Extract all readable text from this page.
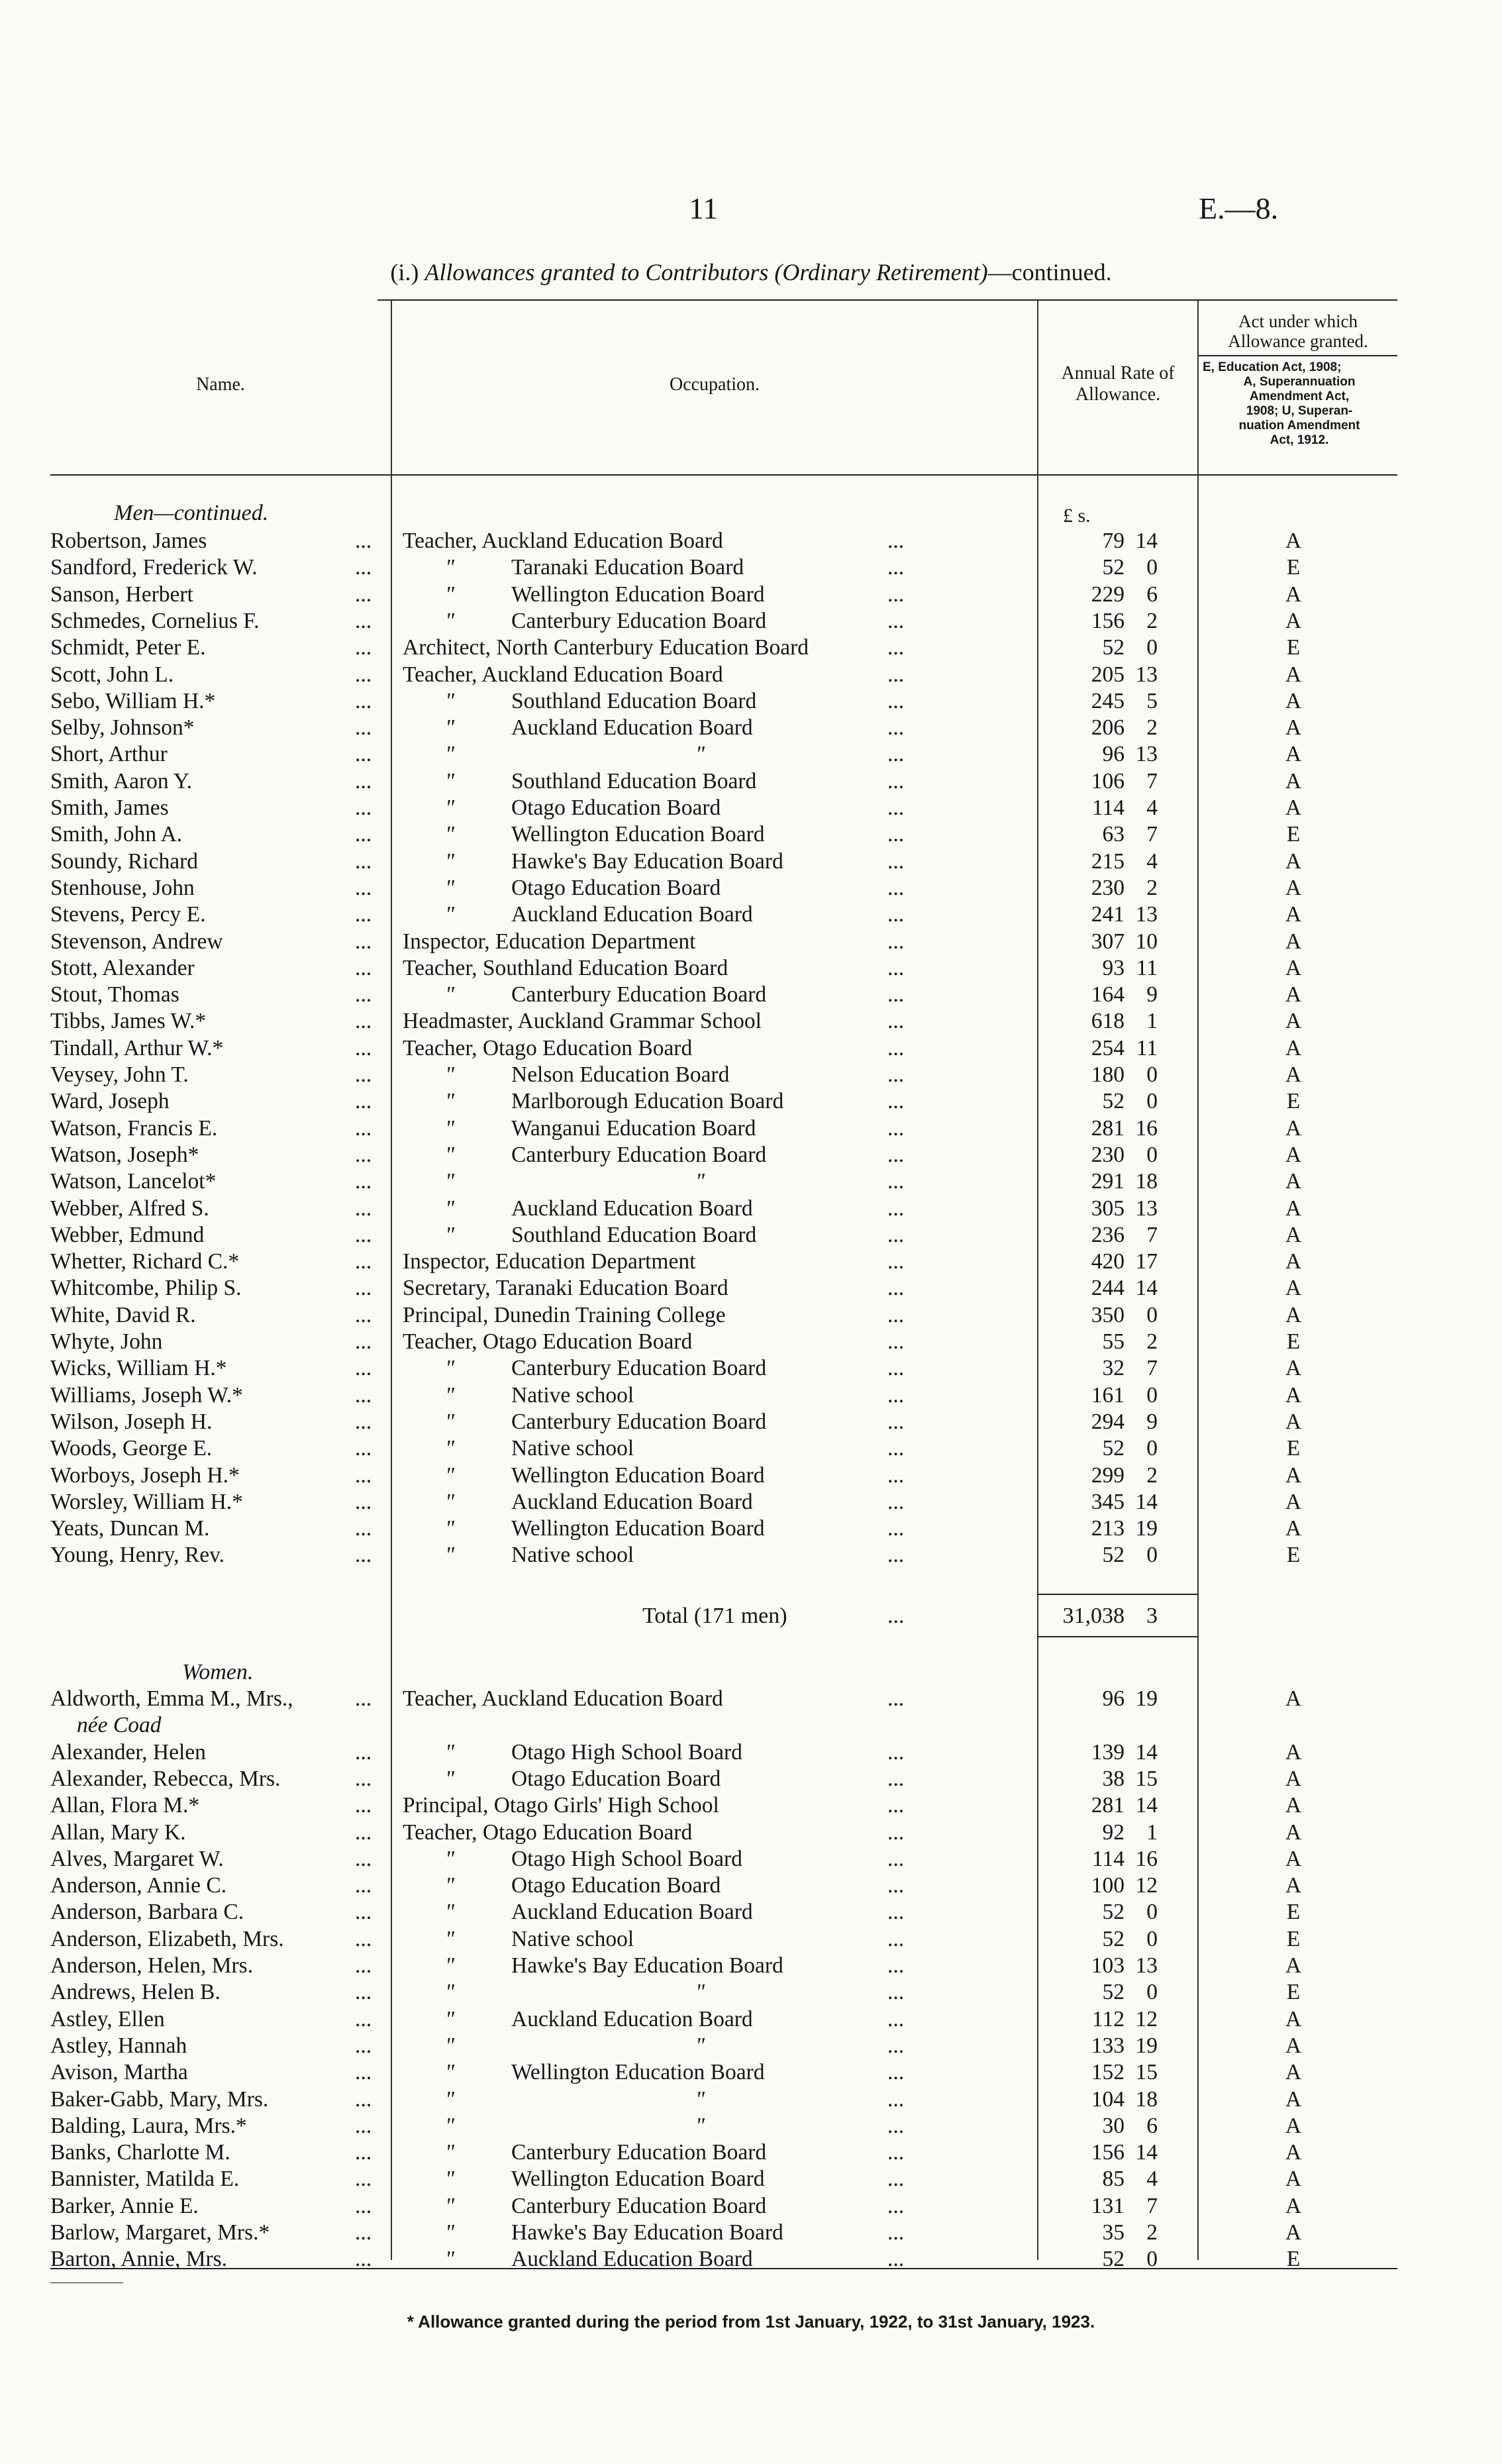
11	E.—8.
(i.) Allowances granted to Contributors (Ordinary Retirement)—continued.
Name.	Occupation.
Annual Rate of
Allowance.
Act under which
Allowance granted.
E, Education Act, 1908;
A, Superannuation
Amendment Act,
1908; U, Superan-
nuation Amendment
Act, 1912.
Men—continued.	£ s.
Robertson, James	... Teacher, Auckland Education Board	...	79 14	A
Sandford, Frederick W.	...	"	Taranaki Education Board	...	52 0	E
Sanson, Herbert	...	"	Wellington Education Board	...	229 6	A
Schmedes, Cornelius F.	...	"	Canterbury Education Board	...	156 2	A
Schmidt, Peter E.	... Architect, North Canterbury Education Board	...	52 0	E
Scott, John L.	... Teacher, Auckland Education Board	...	205 13	A
Sebo, William H.*	...	"	Southland Education Board	...	245 5	A
Selby, Johnson*	...	"	Auckland Education Board	...	206 2	A
Short, Arthur	...	"	"	...	96 13	A
Smith, Aaron Y.	...	"	Southland Education Board	...	106 7	A
Smith, James	...	"	Otago Education Board	...	114 4	A
Smith, John A.	...	"	Wellington Education Board	...	63 7	E
Soundy, Richard	...	"	Hawke's Bay Education Board	...	215 4	A
Stenhouse, John	...	"	Otago Education Board	...	230 2	A
Stevens, Percy E.	...	"	Auckland Education Board	...	241 13	A
Stevenson, Andrew	... Inspector, Education Department	...	307 10	A
Stott, Alexander	... Teacher, Southland Education Board	...	93 11	A
Stout, Thomas	...	"	Canterbury Education Board	...	164 9	A
Tibbs, James W.*	... Headmaster, Auckland Grammar School	...	618 1	A
Tindall, Arthur W.*	... Teacher, Otago Education Board	...	254 11	A
Veysey, John T.	...	"	Nelson Education Board	...	180 0	A
Ward, Joseph	...	"	Marlborough Education Board	...	52 0	E
Watson, Francis E.	...	"	Wanganui Education Board	...	281 16	A
Watson, Joseph*	...	"	Canterbury Education Board	...	230 0	A
Watson, Lancelot*	...	"	"	...	291 18	A
Webber, Alfred S.	...	"	Auckland Education Board	...	305 13	A
Webber, Edmund	...	"	Southland Education Board	...	236 7	A
Whetter, Richard C.*	... Inspector, Education Department	...	420 17	A
Whitcombe, Philip S.	... Secretary, Taranaki Education Board	...	244 14	A
White, David R.	... Principal, Dunedin Training College	...	350 0	A
Whyte, John	... Teacher, Otago Education Board	...	55 2	E
Wicks, William H.*	...	"	Canterbury Education Board	...	32 7	A
Williams, Joseph W.*	...	"	Native school	...	161 0	A
Wilson, Joseph H.	...	"	Canterbury Education Board	...	294 9	A
Woods, George E.	...	"	Native school	...	52 0	E
Worboys, Joseph H.*	...	"	Wellington Education Board	...	299 2	A
Worsley, William H.*	...	"	Auckland Education Board	...	345 14	A
Yeats, Duncan M.	...	"	Wellington Education Board	...	213 19	A
Young, Henry, Rev.	...	"	Native school	...	52 0	E
Total (171 men)	...	31,038 3
Women.
Aldworth, Emma M., Mrs.,	... Teacher, Auckland Education Board	...	96 19	A
née Coad
Alexander, Helen	...	"	Otago High School Board	...	139 14	A
Alexander, Rebecca, Mrs.	...	"	Otago Education Board	...	38 15	A
Allan, Flora M.*	... Principal, Otago Girls' High School	...	281 14	A
Allan, Mary K.	... Teacher, Otago Education Board	...	92 1	A
Alves, Margaret W.	...	"	Otago High School Board	...	114 16	A
Anderson, Annie C.	...	"	Otago Education Board	...	100 12	A
Anderson, Barbara C.	...	"	Auckland Education Board	...	52 0	E
Anderson, Elizabeth, Mrs.	...	"	Native school	...	52 0	E
Anderson, Helen, Mrs.	...	"	Hawke's Bay Education Board	...	103 13	A
Andrews, Helen B.	...	"	"	...	52 0	E
Astley, Ellen	...	"	Auckland Education Board	...	112 12	A
Astley, Hannah	...	"	"	...	133 19	A
Avison, Martha	...	"	Wellington Education Board	...	152 15	A
Baker-Gabb, Mary, Mrs.	...	"	"	...	104 18	A
Balding, Laura, Mrs.*	...	"	"	...	30 6	A
Banks, Charlotte M.	...	"	Canterbury Education Board	...	156 14	A
Bannister, Matilda E.	...	"	Wellington Education Board	...	85 4	A
Barker, Annie E.	...	"	Canterbury Education Board	...	131 7	A
Barlow, Margaret, Mrs.*	...	"	Hawke's Bay Education Board	...	35 2	A
Barton, Annie, Mrs.	...	"	Auckland Education Board	...	52 0	E
* Allowance granted during the period from 1st January, 1922, to 31st January, 1923.
